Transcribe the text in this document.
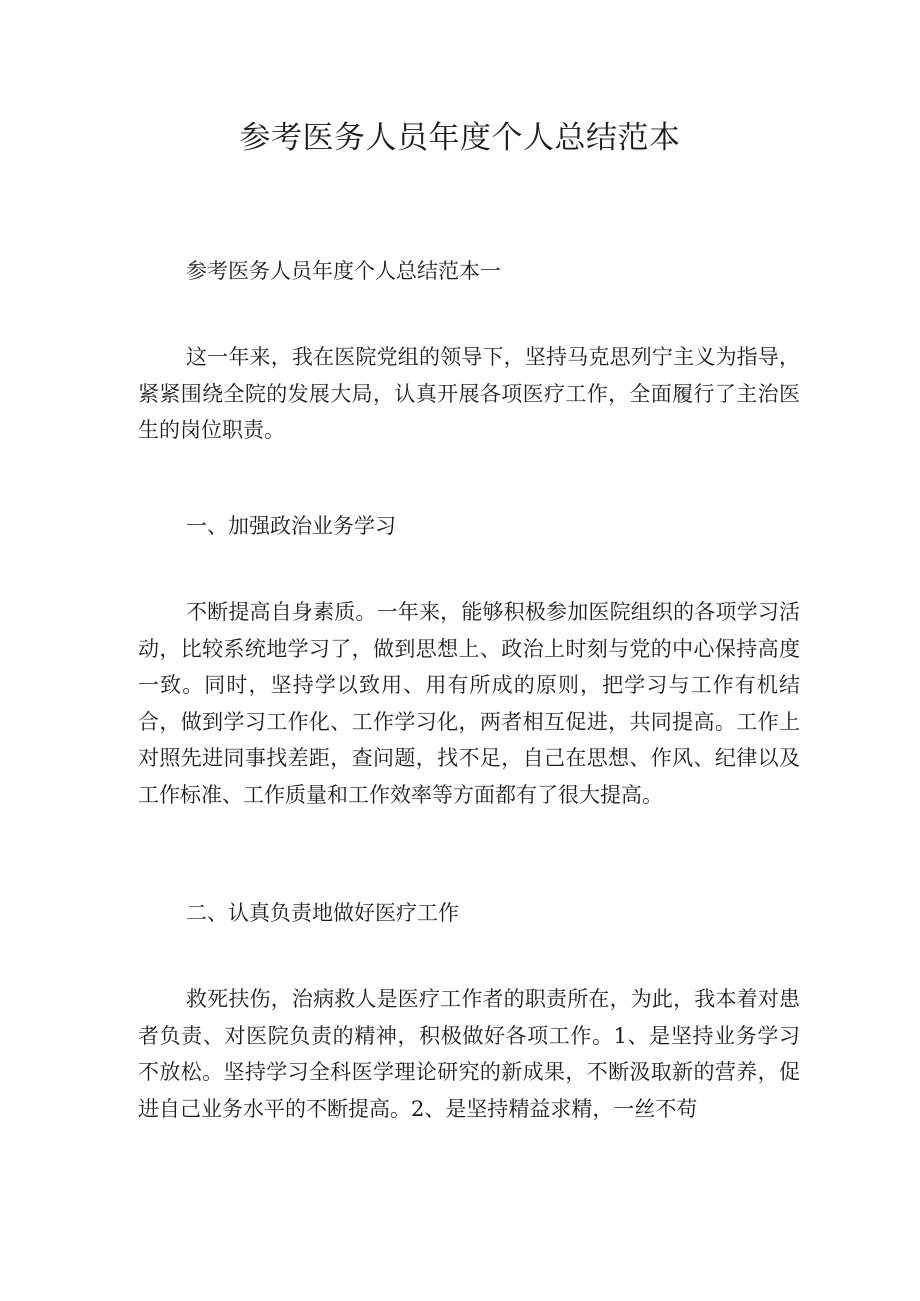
参考医务人员年度个人总结范本

参考医务人员年度个人总结范本一

这一年来，我在医院党组的领导下，坚持马克思列宁主义为指导，紧紧围绕全院的发展大局，认真开展各项医疗工作，全面履行了主治医生的岗位职责。

一、加强政治业务学习

不断提高自身素质。一年来，能够积极参加医院组织的各项学习活动，比较系统地学习了，做到思想上、政治上时刻与党的中心保持高度一致。同时，坚持学以致用、用有所成的原则，把学习与工作有机结合，做到学习工作化、工作学习化，两者相互促进，共同提高。工作上对照先进同事找差距，查问题，找不足，自己在思想、作风、纪律以及工作标准、工作质量和工作效率等方面都有了很大提高。

二、认真负责地做好医疗工作

救死扶伤，治病救人是医疗工作者的职责所在，为此，我本着对患者负责、对医院负责的精神，积极做好各项工作。1、是坚持业务学习不放松。坚持学习全科医学理论研究的新成果，不断汲取新的营养，促进自己业务水平的不断提高。2、是坚持精益求精，一丝不苟
